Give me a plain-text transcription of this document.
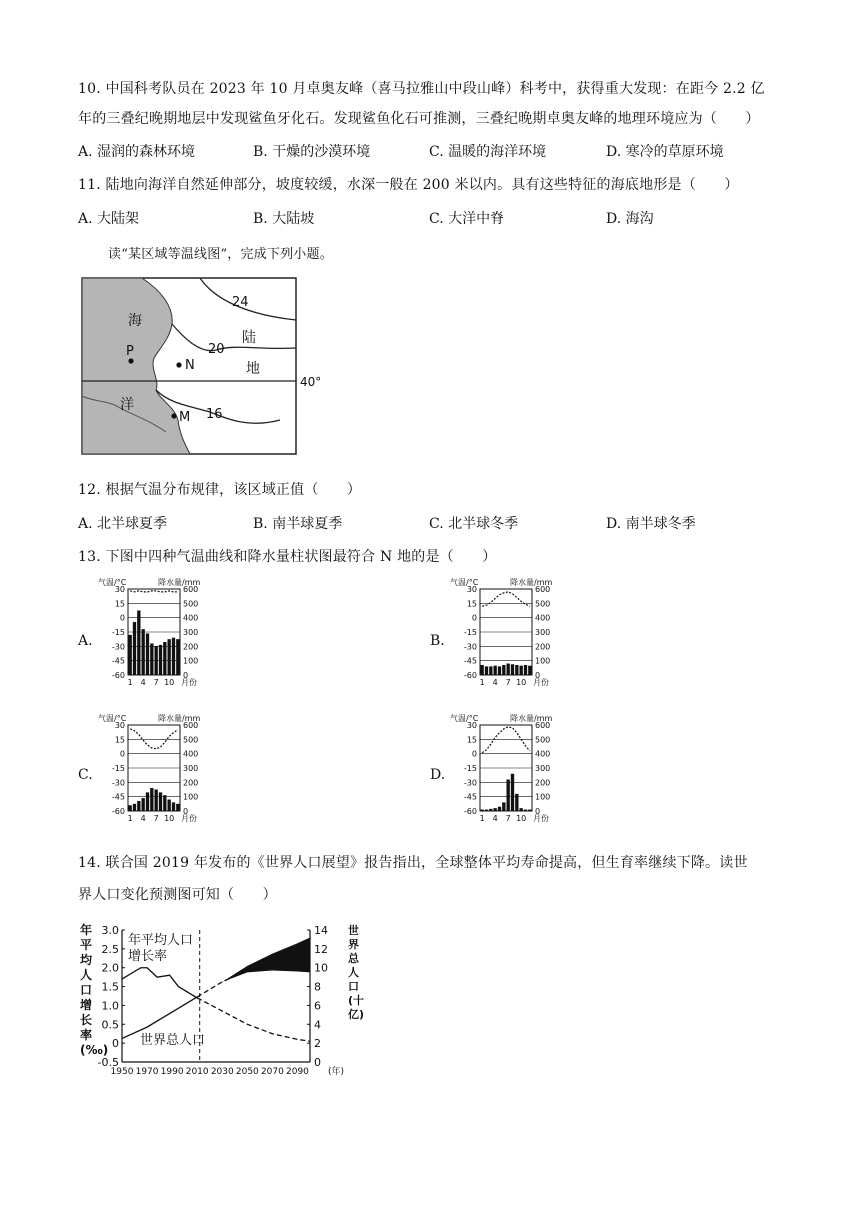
10. 中国科考队员在 2023 年 10 月卓奥友峰（喜马拉雅山中段山峰）科考中，获得重大发现：在距今 2.2 亿
年的三叠纪晚期地层中发现鲨鱼牙化石。发现鲨鱼化石可推测，三叠纪晚期卓奥友峰的地理环境应为（　　）
A. 湿润的森林环境	B. 干燥的沙漠环境	C. 温暖的海洋环境	D. 寒冷的草原环境
11. 陆地向海洋自然延伸部分，坡度较缓，水深一般在 200 米以内。具有这些特征的海底地形是（　　）
A. 大陆架	B. 大陆坡	C. 大洋中脊	D. 海沟
读“某区域等温线图”，完成下列小题。
海
洋
陆
地
24
20
16
P
N
M
40°
12. 根据气温分布规律，该区域正值（　　）
A. 北半球夏季	B. 南半球夏季	C. 北半球冬季	D. 南半球冬季
13. 下图中四种气温曲线和降水量柱状图最符合 N 地的是（　　）
A.	B.
C.	D.
气温/°C	降水量/mm
30	600
15	500
0	400
-15	300
-30	200
-45	100
-60	0
1 4 7 10 月份
气温/°C	降水量/mm
30	600
15	500
0	400
-15	300
-30	200
-45	100
-60	0
1 4 7 10 月份
气温/°C	降水量/mm
30	600
15	500
0	400
-15	300
-30	200
-45	100
-60	0
1 4 7 10 月份
气温/°C	降水量/mm
30	600
15	500
0	400
-15	300
-30	200
-45	100
-60	0
1 4 7 10 月份
14. 联合国 2019 年发布的《世界人口展望》报告指出，全球整体平均寿命提高，但生育率继续下降。读世
界人口变化预测图可知（　　）
3.0
2.5
2.0
1.5
1.0
0.5
0
-0.5
14
12
10
8
6
4
2
0
1950 1970 1990 2010 2030 2050 2070 2090 (年)
年
平
均
人
口
增
长
率
(‰)
世
界
总
人
口
(十
亿)
年平均人口
增长率
世界总人口
